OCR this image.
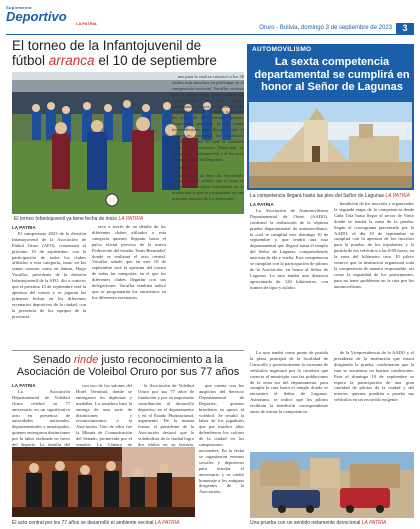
Suplemento
Deportivo	LA PATRIA
Oruro - Bolivia, domingo 3 de septiembre de 2023	3
El torneo de la Infantojuvenil de
fútbol arranca el 10 de septiembre
El torneo Infantojuvenil ya tiene fecha de inicio LA PATRIA
LA PATRIA

El campeonato 2023 de la división Infantojuvenil de la Asociación de Fútbol Oruro (AFO), comenzará el próximo 10 de septiembre, con la participación de todos los clubes afiliados a esta categoría, tanto en las ramas varones como en damas. Hugo Vacaflor, presidente de la división Infantojuvenil de la AFO, dio a conocer que el próximo 10 de septiembre será la apertura del torneo y se jugarán las primeras fechas en los diferentes escenarios deportivos de la ciudad, con la presencia de los equipos de la provincia.

seca a través de un detalle de los diferentes clubes afiliados a esta categoría quienes llegarán hasta el palco oficial previsto de la nueva Federación del estadio 'Jesús Bermúdez' donde se realizará el acto central. Vacaflor señaló que en este 10 de septiembre será la apertura del torneo de todas las categorías, en el que los diferentes clubes llegarán con sus delegaciones. Vacaflor también indicó que se programarán los encuentros en los diferentes escenarios.

nes para lo cual se convocó a los 30 clubes más inscritos en participar en el campeonato nacional. Vacaflor sostuvo que el plazo fijado para realizar las inscripciones de los clubes participantes fenece el próximo 5 de septiembre, donde se darán a conocer las sedes de los diferentes grupos. Argumentó que uno de los temas trascendentales para llevar a cabo el torneo es conseguir los escenarios deportivos, para lo cual se cursaron notas a la Secretaría Municipal de Deportes, la Gobernación y el Servicio Departamental de Deportes.

Elecciones

En cuanto al tema de elecciones, Hugo Vacaflor señaló que el tema se encuentra en cuarto intermedio en la institución y que se programará en una próxima reunión de los delegados.

AUTOMOVILISMO
La sexta competencia departamental se cumplirá en honor al Señor de Lagunas
La competencia llegará hasta las pies del Señor de Lagunas LA PATRIA
LA PATRIA

La Asociación de Automovilismo Departamental de Oruro (AADO), confirmó la realización de la séptima prueba departamental de automovilismo, la cual se cumplirá este domingo 10 de septiembre y que tendrá una ruta departamental que llegará hasta el templo del Señor de Lagunas, comprendiendo una ruta de ida y vuelta. Esta competencia se cumplirá con la participación de pilotos de la Asociación, en honor al Señor de Lagunas. La ruta tendrá una distancia aproximada de 120 kilómetros, con tramos de ripio y asfalto.

bendición de los inscritos y organizados la segunda etapa de la competencia desde Caña Tola hasta llegar al sector de Vinto donde se tendrá la meta de la prueba. Según el cronograma presentado por la AADO, el día 10 de septiembre se cumplirá con la apertura de los inscritos para la prueba, de los tripulantes y la partida de los vehículos a las 8:00 horas, en la zona del kilómetro cero. El piloto sostuvo que la institución organizará toda la competencia de manera responsable, así como la seguridad de los participantes, para no tener problemas en la ruta por los automovilistas.

Senado rinde justo reconocimiento a la
Asociación de Voleibol Oruro por sus 77 años
LA PATRIA

La Asociación Departamental de Voleibol Oruro celebró su 77 aniversario en un significativo acto en presencia de autoridades nacionales, departamentales y municipales, quienes entregaron distinciones por la labor realizada en favor del deporte. La familia del

con uso de los salones del Hotel Terminal, donde se entregaron los diplomas y medallas. La senadora hizo la entrega de una serie de distinciones y reconocimientos a la Asociación. Uno de ellos fue la Minuta de Comunicación del Senado, promovida por el senador. La Cámara de

la Asociación de Voleibol Oruro por sus 77 años de fundación y por su importante contribución al desarrollo deportivo en el departamento y en el Estado Plurinacional, argumentó. De la misma forma, el presidente de la Asociación destacó que la voleibolista de la ciudad logró dos títulos en su historia,

que cuenta con los auspicios del Servicio Departamental de Deportes, quienes brindaron su apoyo al voleibol. Se resaltó la labor de los jugadores que por muchos años defendieron los colores de la ciudad en los campeonatos nacionales. En la fecha se organizaron eventos sociales y deportivos para festejar el aniversario y se rindió homenaje a los antiguos dirigentes de la Asociación.

El acto central por los 77 años se desarrolló el ambiente vecinal LA PATRIA

La ruta tendrá como punto de partida la plaza principal de la localidad de Caracollo y posteriormente la caravana de vehículos ingresará por la carretera que conecta el municipio con las poblaciones de la zona sur del departamento, para cumplir la ruta hasta el templo donde se encuentra el Señor de Lagunas. Asimismo, se indicó que los pilotos recibirán la bendición correspondiente antes de iniciar la competencia.

de la Vicepresidencia de la AADO y el presidente de la institución que estará dirigiendo la prueba, confirmaron que la ruta se encuentra en buenas condiciones. Para el domingo 10 de septiembre se espera la participación de una gran cantidad de pilotos de la ciudad y del interior, quienes pondrán a prueba sus vehículos en un recorrido exigente.

Una prueba con un sentido netamente devocional LA PATRIA
